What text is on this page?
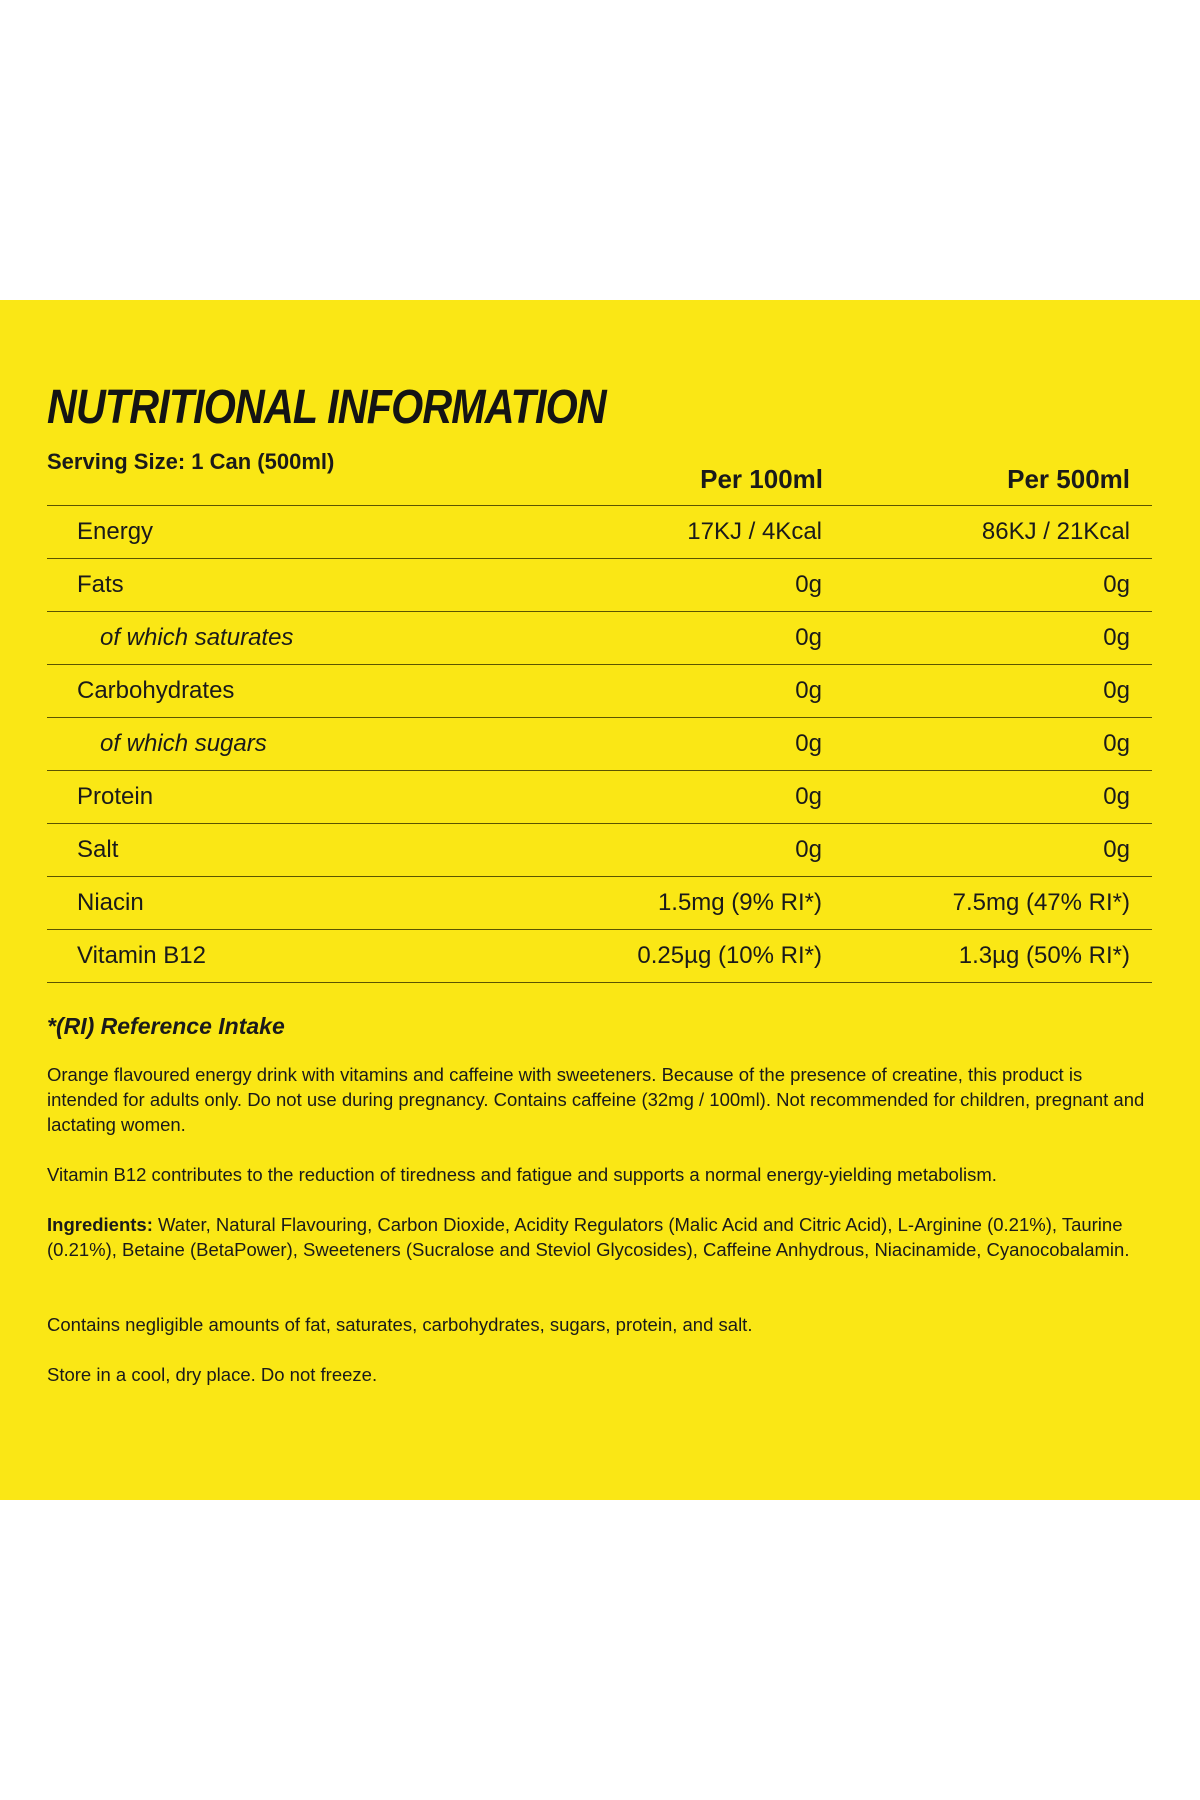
NUTRITIONAL INFORMATION
Serving Size: 1 Can (500ml)
Per 100ml	Per 500ml
Energy	17KJ / 4Kcal	86KJ / 21Kcal
Fats	0g	0g
of which saturates	0g	0g
Carbohydrates	0g	0g
of which sugars	0g	0g
Protein	0g	0g
Salt	0g	0g
Niacin	1.5mg (9% RI*)	7.5mg (47% RI*)
Vitamin B12	0.25µg (10% RI*)	1.3µg (50% RI*)
*(RI) Reference Intake

Orange flavoured energy drink with vitamins and caffeine with sweeteners. Because of the presence of creatine, this product is intended for adults only. Do not use during pregnancy. Contains caffeine (32mg / 100ml). Not recommended for children, pregnant and lactating women.

Vitamin B12 contributes to the reduction of tiredness and fatigue and supports a normal energy-yielding metabolism.

Ingredients: Water, Natural Flavouring, Carbon Dioxide, Acidity Regulators (Malic Acid and Citric Acid), L-Arginine (0.21%), Taurine (0.21%), Betaine (BetaPower), Sweeteners (Sucralose and Steviol Glycosides), Caffeine Anhydrous, Niacinamide, Cyanocobalamin.

Contains negligible amounts of fat, saturates, carbohydrates, sugars, protein, and salt.

Store in a cool, dry place. Do not freeze.
